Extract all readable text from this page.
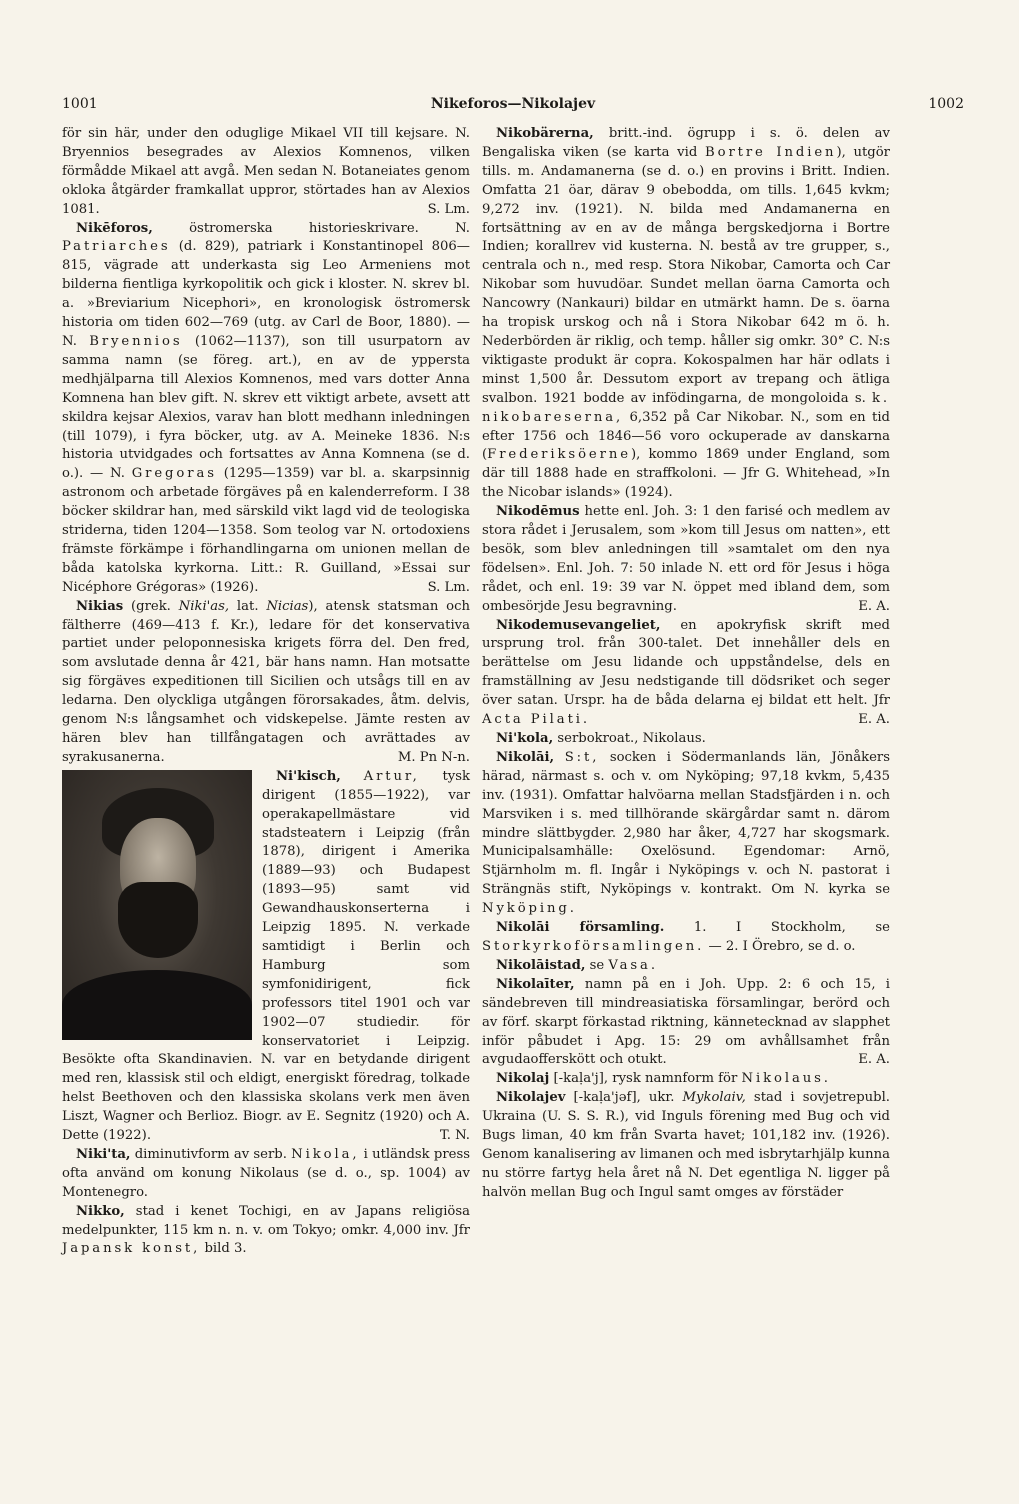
1001	Nikeforos—Nikolajev	1002

för sin här, under den oduglige Mikael VII till kejsare. N. Bryennios besegrades av Alexios Komnenos, vilken förmådde Mikael att avgå. Men sedan N. Botaneiates genom okloka åtgärder framkallat uppror, störtades han av Alexios 1081.	S. Lm.

Nikēforos, östromerska historieskrivare. N. Patriarches (d. 829), patriark i Konstantinopel 806—815, vägrade att underkasta sig Leo Armeniens mot bilderna fientliga kyrkopolitik och gick i kloster. N. skrev bl. a. »Breviarium Nicephori», en kronologisk östromersk historia om tiden 602—769 (utg. av Carl de Boor, 1880). — N. Bryennios (1062—1137), son till usurpatorn av samma namn (se föreg. art.), en av de yppersta medhjälparna till Alexios Komnenos, med vars dotter Anna Komnena han blev gift. N. skrev ett viktigt arbete, avsett att skildra kejsar Alexios, varav han blott medhann inledningen (till 1079), i fyra böcker, utg. av A. Meineke 1836. N:s historia utvidgades och fortsattes av Anna Komnena (se d. o.). — N. Gregoras (1295—1359) var bl. a. skarpsinnig astronom och arbetade förgäves på en kalenderreform. I 38 böcker skildrar han, med särskild vikt lagd vid de teologiska striderna, tiden 1204—1358. Som teolog var N. ortodoxiens främste förkämpe i förhandlingarna om unionen mellan de båda katolska kyrkorna. Litt.: R. Guilland, »Essai sur Nicéphore Grégoras» (1926).	S. Lm.

Nikias (grek. Niki'as, lat. Nicias), atensk statsman och fältherre (469—413 f. Kr.), ledare för det konservativa partiet under peloponnesiska krigets förra del. Den fred, som avslutade denna år 421, bär hans namn. Han motsatte sig förgäves expeditionen till Sicilien och utsågs till en av ledarna. Den olyckliga utgången förorsakades, åtm. delvis, genom N:s långsamhet och vidskepelse. Jämte resten av hären blev han tillfångatagen och avrättades av syrakusanerna.	M. Pn N-n.

Ni'kisch, Artur,
tysk dirigent (1855—1922), var operakapellmästare vid stadsteatern i Leipzig (från 1878), dirigent i Amerika (1889—93) och Budapest (1893—95) samt vid Gewandhauskonserterna i Leipzig 1895. N. verkade samtidigt i Berlin och Hamburg som symfonidirigent, fick professors titel 1901 och var 1902—07 studiedir. för konservatoriet i Leipzig. Besökte ofta Skandinavien. N. var en betydande dirigent med ren, klassisk stil och eldigt, energiskt föredrag, tolkade helst Beethoven och den klassiska skolans verk men även Liszt, Wagner och Berlioz. Biogr. av E. Segnitz (1920) och A. Dette (1922).	T. N.

Niki'ta, diminutivform av serb. Nikola, i utländsk press ofta använd om konung Nikolaus (se d. o., sp. 1004) av Montenegro.

Nikko, stad i kenet Tochigi, en av Japans religiösa medelpunkter, 115 km n. n. v. om Tokyo; omkr. 4,000 inv. Jfr Japansk konst, bild 3.

Nikobärerna, britt.-ind. ögrupp i s. ö. delen av Bengaliska viken (se karta vid Bortre Indien), utgör tills. m. Andamanerna (se d. o.) en provins i Britt. Indien. Omfatta 21 öar, därav 9 obebodda, om tills. 1,645 kvkm; 9,272 inv. (1921). N. bilda med Andamanerna en fortsättning av en av de många bergskedjorna i Bortre Indien; korallrev vid kusterna. N. bestå av tre grupper, s., centrala och n., med resp. Stora Nikobar, Camorta och Car Nikobar som huvudöar. Sundet mellan öarna Camorta och Nancowry (Nankauri) bildar en utmärkt hamn. De s. öarna ha tropisk urskog och nå i Stora Nikobar 642 m ö. h. Nederbörden är riklig, och temp. håller sig omkr. 30° C. N:s viktigaste produkt är copra. Kokospalmen har här odlats i minst 1,500 år. Dessutom export av trepang och ätliga svalbon. 1921 bodde av infödingarna, de mongoloida s. k. nikobareserna, 6,352 på Car Nikobar. N., som en tid efter 1756 och 1846—56 voro ockuperade av danskarna (Frederiksöerne), kommo 1869 under England, som där till 1888 hade en straffkoloni. — Jfr G. Whitehead, »In the Nicobar islands» (1924).

Nikodēmus hette enl. Joh. 3: 1 den farisé och medlem av stora rådet i Jerusalem, som »kom till Jesus om natten», ett besök, som blev anledningen till »samtalet om den nya födelsen». Enl. Joh. 7: 50 inlade N. ett ord för Jesus i höga rådet, och enl. 19: 39 var N. öppet med ibland dem, som ombesörjde Jesu begravning.	E. A.

Nikodemusevangeliet, en apokryfisk skrift med ursprung trol. från 300-talet. Det innehåller dels en berättelse om Jesu lidande och uppståndelse, dels en framställning av Jesu nedstigande till dödsriket och seger över satan. Urspr. ha de båda delarna ej bildat ett helt. Jfr Acta Pilati.	E. A.

Ni'kola, serbokroat., Nikolaus.

Nikolāi, S:t, socken i Södermanlands län, Jönåkers härad, närmast s. och v. om Nyköping; 97,18 kvkm, 5,435 inv. (1931). Omfattar halvöarna mellan Stadsfjärden i n. och Marsviken i s. med tillhörande skärgårdar samt n. därom mindre slättbygder. 2,980 har åker, 4,727 har skogsmark. Municipalsamhälle: Oxelösund. Egendomar: Arnö, Stjärnholm m. fl. Ingår i Nyköpings v. och N. pastorat i Strängnäs stift, Nyköpings v. kontrakt. Om N. kyrka se Nyköping.

Nikolāi församling. 1. I Stockholm, se Storkyrkoförsamlingen. — 2. I Örebro, se d. o.

Nikolāistad, se Vasa.

Nikolaīter, namn på en i Joh. Upp. 2: 6 och 15, i sändebreven till mindreasiatiska församlingar, berörd och av förf. skarpt förkastad riktning, kännetecknad av slapphet inför påbudet i Apg. 15: 29 om avhållsamhet från avgudaofferskött och otukt.	E. A.

Nikolaj [-kaḷa'j], rysk namnform för Nikolaus.

Nikolajev [-kaḷa'jəf], ukr. Mykolaiv, stad i sovjetrepubl. Ukraina (U. S. S. R.), vid Inguls förening med Bug och vid Bugs liman, 40 km från Svarta havet; 101,182 inv. (1926). Genom kanalisering av limanen och med isbrytarhjälp kunna nu större fartyg hela året nå N. Det egentliga N. ligger på halvön mellan Bug och Ingul samt omges av förstäder
